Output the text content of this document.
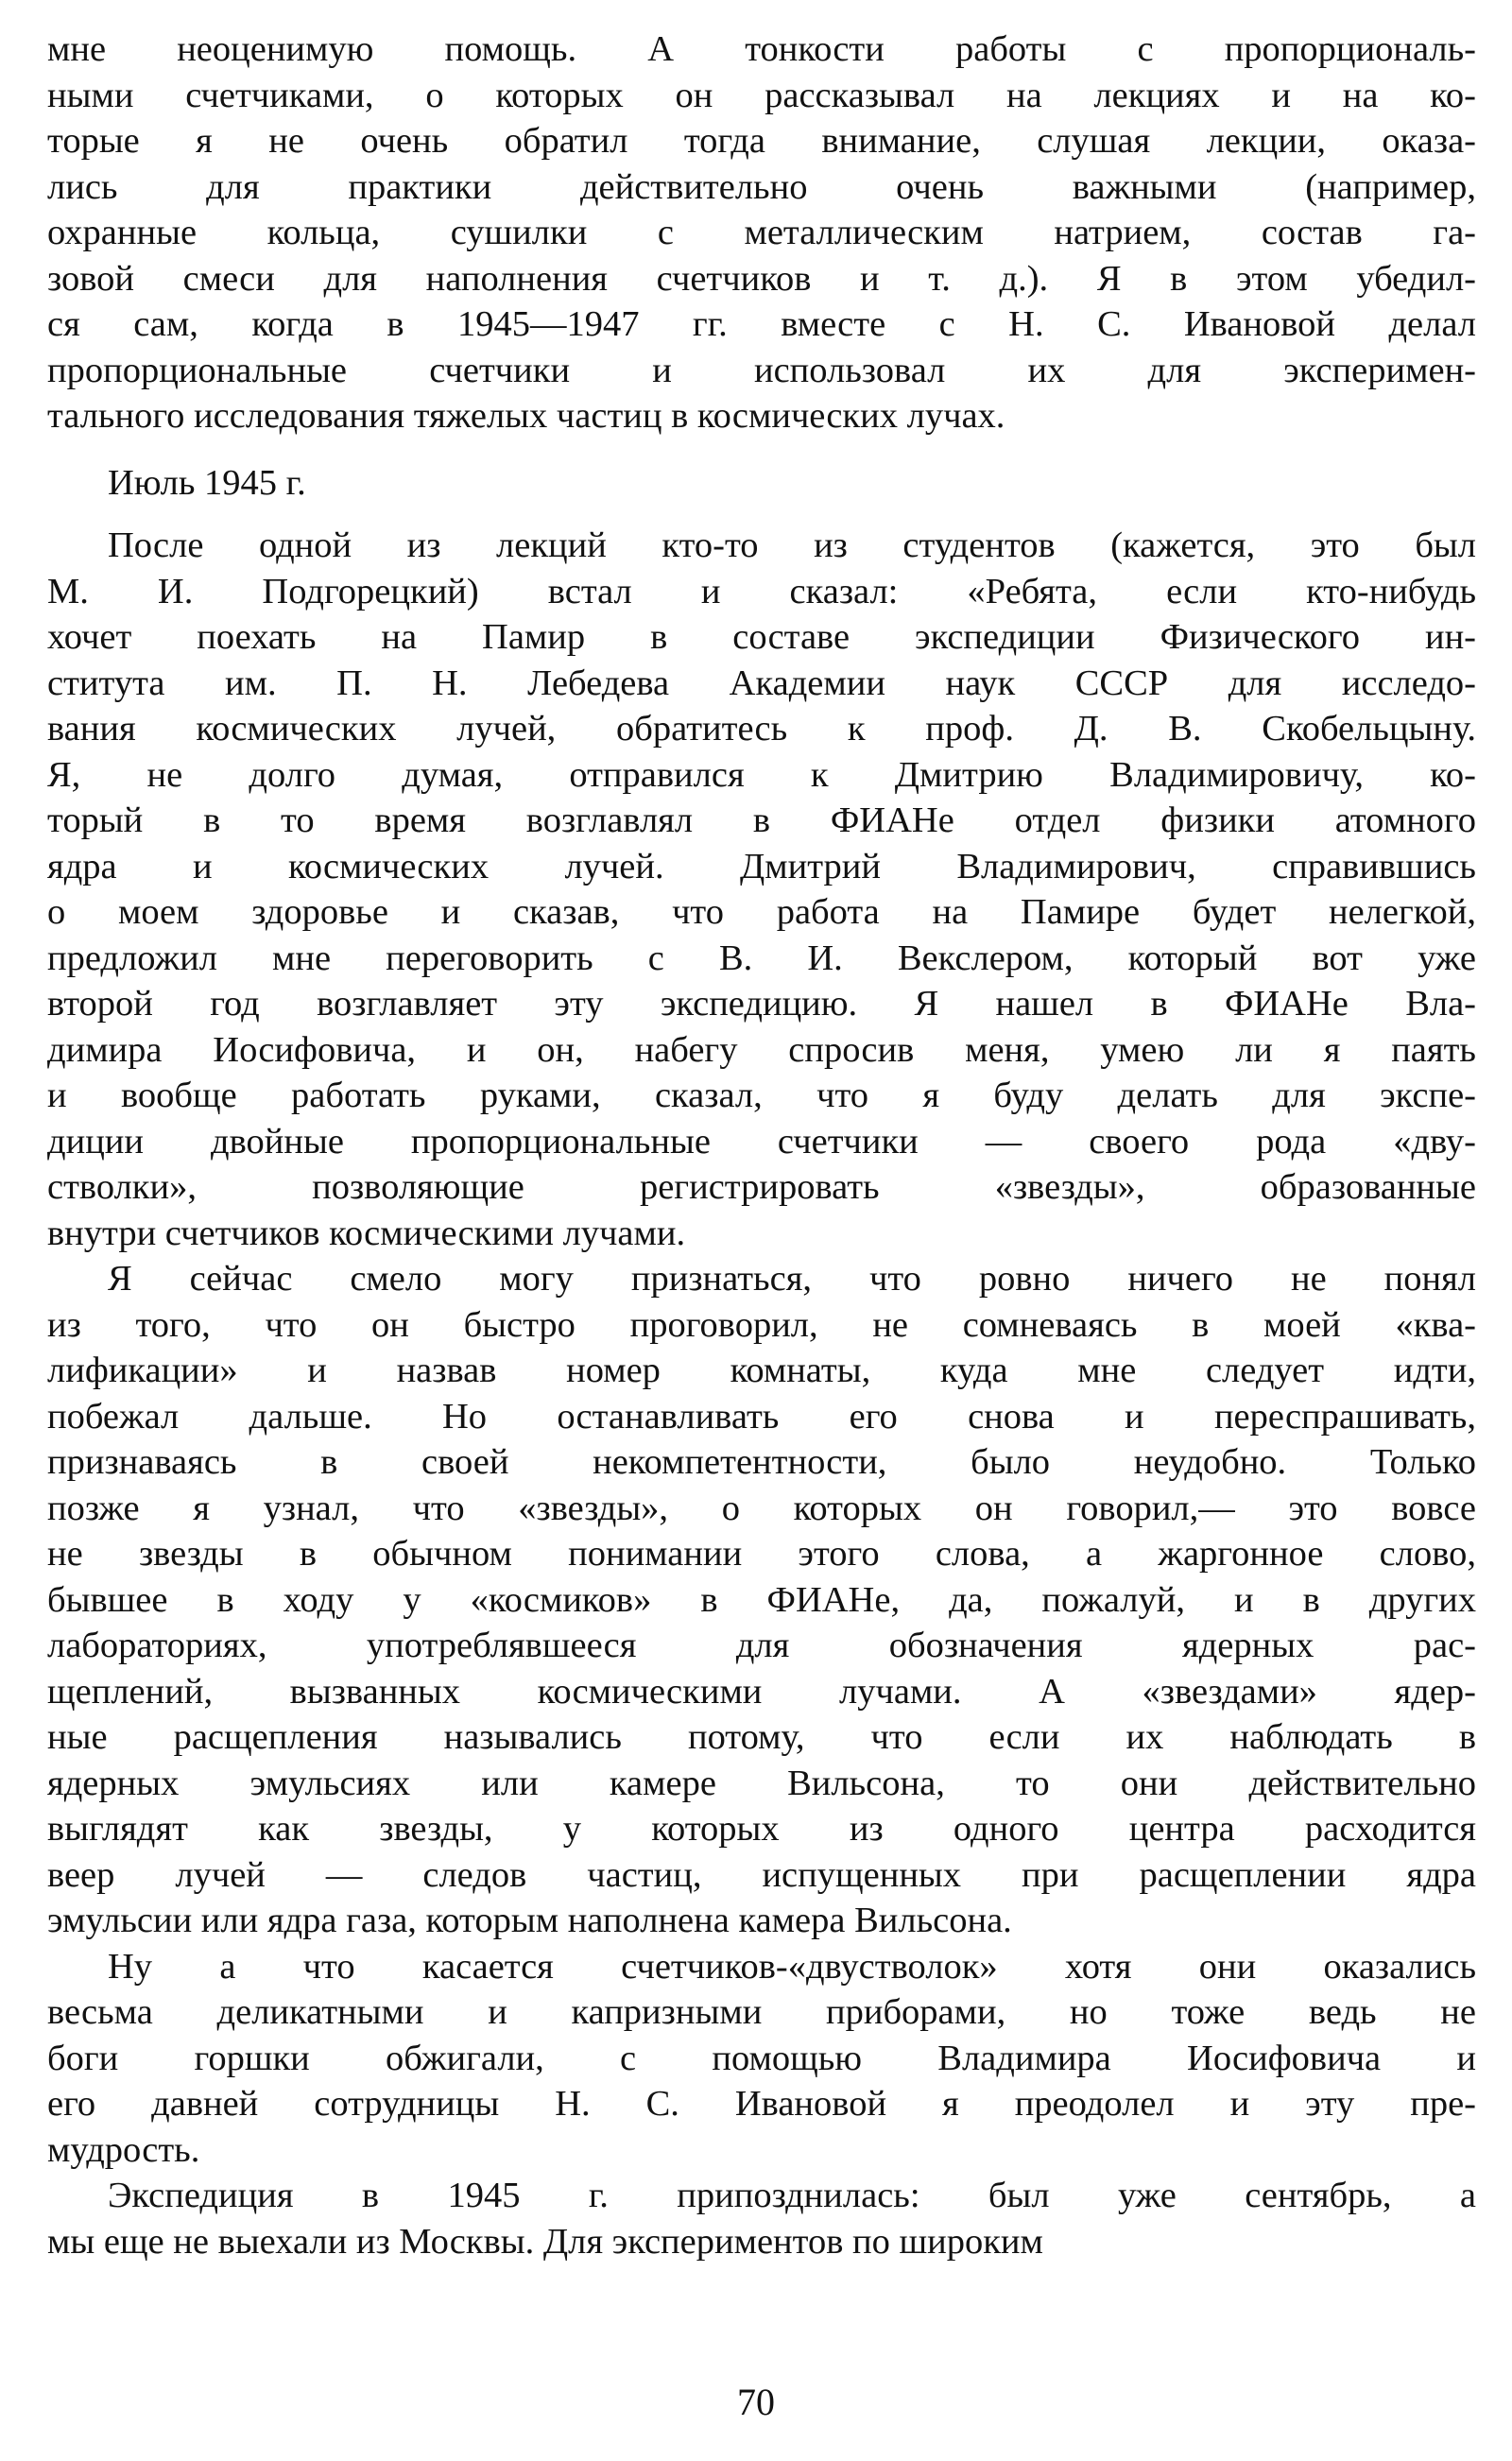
мне неоценимую помощь. А тонкости работы с пропорциональ-
ными счетчиками, о которых он рассказывал на лекциях и на ко-
торые я не очень обратил тогда внимание, слушая лекции, оказа-
лись для практики действительно очень важными (например,
охранные кольца, сушилки с металлическим натрием, состав га-
зовой смеси для наполнения счетчиков и т. д.). Я в этом убедил-
ся сам, когда в 1945—1947 гг. вместе с Н. С. Ивановой делал
пропорциональные счетчики и использовал их для эксперимен-
тального исследования тяжелых частиц в космических лучах.
Июль 1945 г.
После одной из лекций кто-то из студентов (кажется, это был
М. И. Подгорецкий) встал и сказал: «Ребята, если кто-нибудь
хочет поехать на Памир в составе экспедиции Физического ин-
ститута им. П. Н. Лебедева Академии наук СССР для исследо-
вания космических лучей, обратитесь к проф. Д. В. Скобельцыну.
Я, не долго думая, отправился к Дмитрию Владимировичу, ко-
торый в то время возглавлял в ФИАНе отдел физики атомного
ядра и космических лучей. Дмитрий Владимирович, справившись
о моем здоровье и сказав, что работа на Памире будет нелегкой,
предложил мне переговорить с В. И. Векслером, который вот уже
второй год возглавляет эту экспедицию. Я нашел в ФИАНе Вла-
димира Иосифовича, и он, набегу спросив меня, умею ли я паять
и вообще работать руками, сказал, что я буду делать для экспе-
диции двойные пропорциональные счетчики — своего рода «дву-
стволки», позволяющие регистрировать «звезды», образованные
внутри счетчиков космическими лучами.
Я сейчас смело могу признаться, что ровно ничего не понял
из того, что он быстро проговорил, не сомневаясь в моей «ква-
лификации» и назвав номер комнаты, куда мне следует идти,
побежал дальше. Но останавливать его снова и переспрашивать,
признаваясь в своей некомпетентности, было неудобно. Только
позже я узнал, что «звезды», о которых он говорил,— это вовсе
не звезды в обычном понимании этого слова, а жаргонное слово,
бывшее в ходу у «космиков» в ФИАНе, да, пожалуй, и в других
лабораториях, употреблявшееся для обозначения ядерных рас-
щеплений, вызванных космическими лучами. А «звездами» ядер-
ные расщепления назывались потому, что если их наблюдать в
ядерных эмульсиях или камере Вильсона, то они действительно
выглядят как звезды, у которых из одного центра расходится
веер лучей — следов частиц, испущенных при расщеплении ядра
эмульсии или ядра газа, которым наполнена камера Вильсона.
Ну а что касается счетчиков-«двустволок» хотя они оказались
весьма деликатными и капризными приборами, но тоже ведь не
боги горшки обжигали, с помощью Владимира Иосифовича и
его давней сотрудницы Н. С. Ивановой я преодолел и эту пре-
мудрость.
Экспедиция в 1945 г. припозднилась: был уже сентябрь, а
мы еще не выехали из Москвы. Для экспериментов по широким
70
